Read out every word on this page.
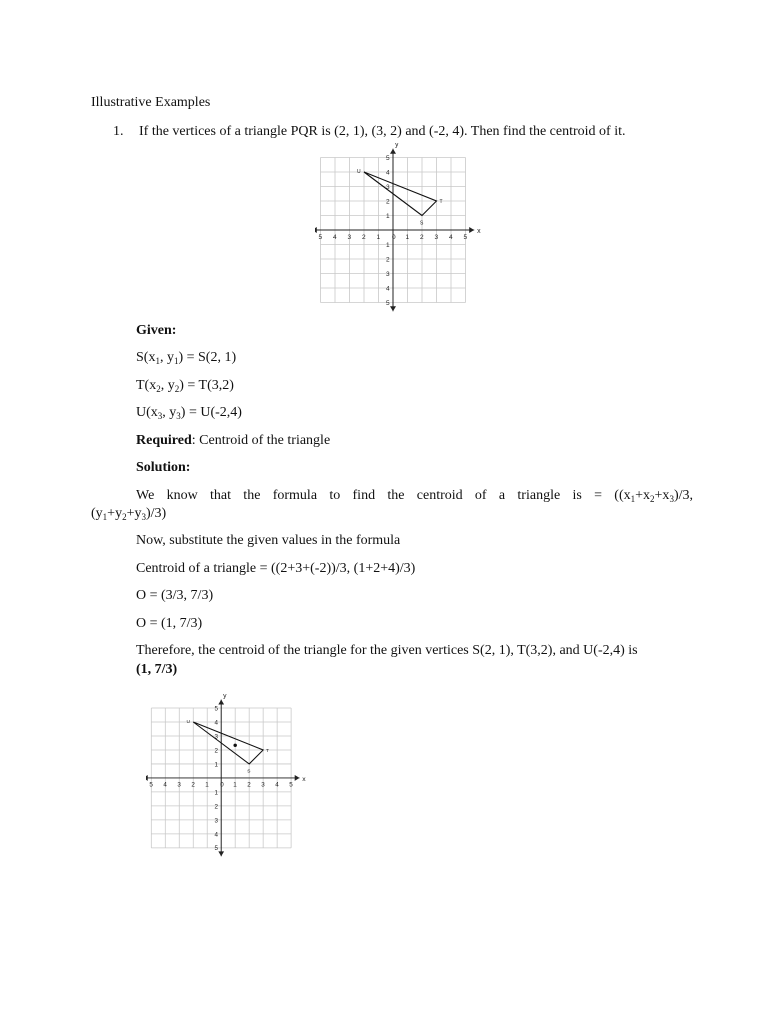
Illustrative Examples
1. If the vertices of a triangle PQR is (2, 1), (3, 2) and (-2, 4). Then find the centroid of it.
x
y
5 4 3 2 1 0 1 2 3 4 5
5
4
3
2
1
1
2
3
4
5
S
T
U
Given:
$S(x_1$, $y_1) = S(2$, 1)
$T(x_2$, $y_2) = T(3,2)$
$U(x_3$, $y_3) = U(-2,4)$
Required: Centroid of the triangle
Solution:
We know that the formula to find the centroid of a triangle is = ($(x_1+x_2+x_3)/3$,
$(y_1+y_2+y_3)/3$)
Now, substitute the given values in the formula
Centroid of a triangle = ((2+3+(-2))/3, (1+2+4)/3)
O = (3/3, 7/3)
O = (1, 7/3)
Therefore, the centroid of the triangle for the given vertices S(2, 1), T(3,2), and U(-2,4) is
(1, 7/3)
x
y
5 4 3 2 1 0 1 2 3 4 5
5
4
3
2
1
1
2
3
4
5
S
T
U
